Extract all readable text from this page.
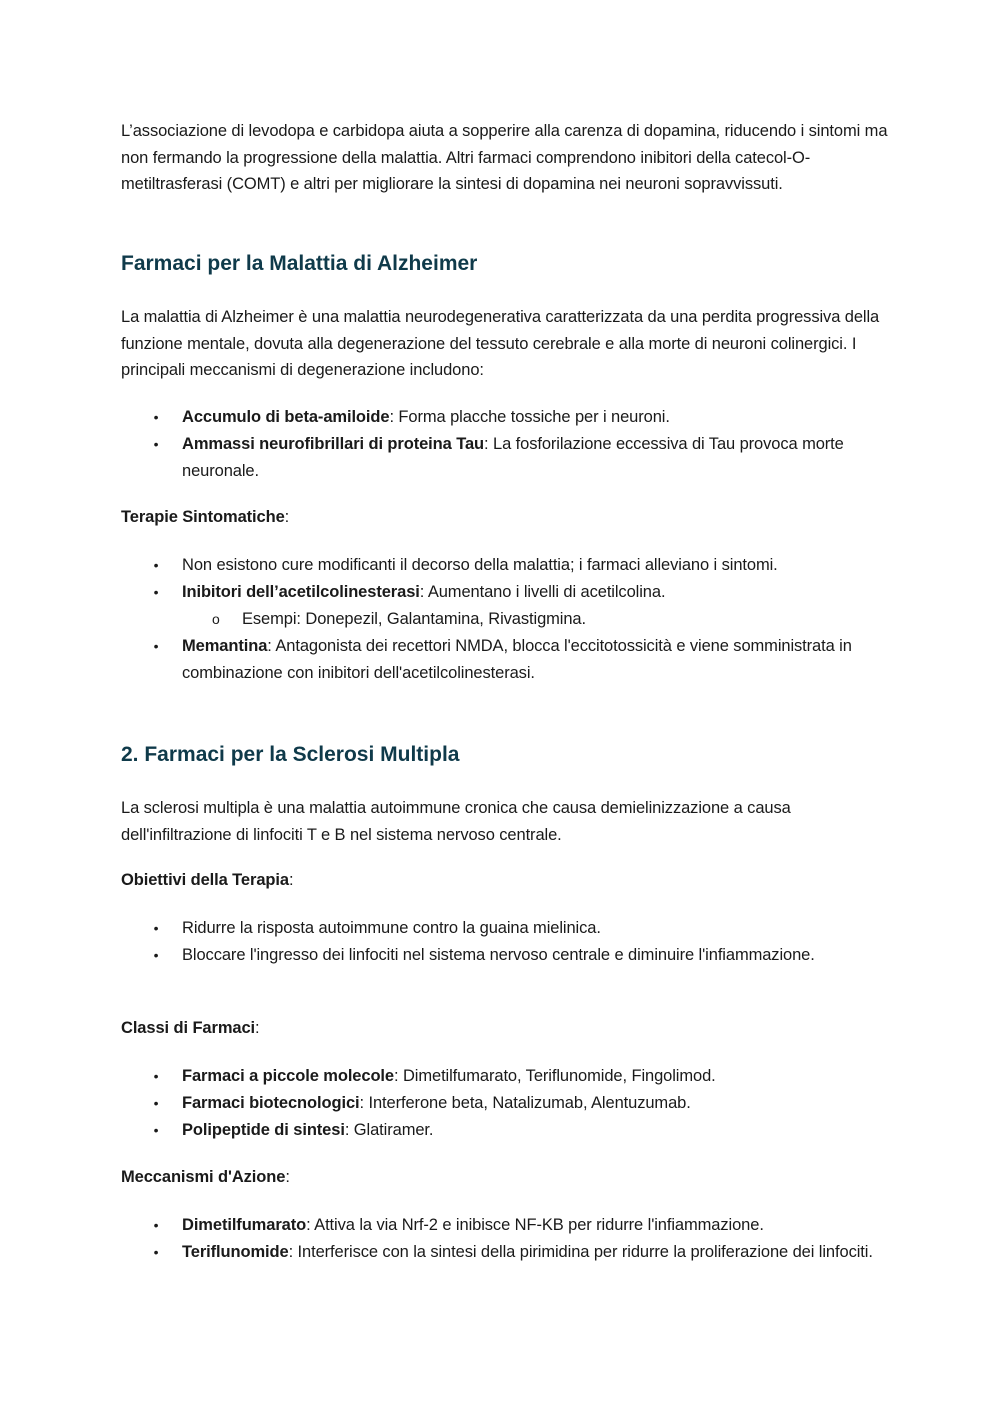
L’associazione di levodopa e carbidopa aiuta a sopperire alla carenza di dopamina, riducendo i sintomi ma non fermando la progressione della malattia. Altri farmaci comprendono inibitori della catecol-O-metiltrasferasi (COMT) e altri per migliorare la sintesi di dopamina nei neuroni sopravvissuti.

Farmaci per la Malattia di Alzheimer

La malattia di Alzheimer è una malattia neurodegenerativa caratterizzata da una perdita progressiva della funzione mentale, dovuta alla degenerazione del tessuto cerebrale e alla morte di neuroni colinergici. I principali meccanismi di degenerazione includono:

• Accumulo di beta-amiloide: Forma placche tossiche per i neuroni.
• Ammassi neurofibrillari di proteina Tau: La fosforilazione eccessiva di Tau provoca morte neuronale.

Terapie Sintomatiche:

• Non esistono cure modificanti il decorso della malattia; i farmaci alleviano i sintomi.
• Inibitori dell’acetilcolinesterasi: Aumentano i livelli di acetilcolina.
o Esempi: Donepezil, Galantamina, Rivastigmina.
• Memantina: Antagonista dei recettori NMDA, blocca l'eccitotossicità e viene somministrata in combinazione con inibitori dell'acetilcolinesterasi.
2. Farmaci per la Sclerosi Multipla

La sclerosi multipla è una malattia autoimmune cronica che causa demielinizzazione a causa dell'infiltrazione di linfociti T e B nel sistema nervoso centrale.

Obiettivi della Terapia:

• Ridurre la risposta autoimmune contro la guaina mielinica.
• Bloccare l'ingresso dei linfociti nel sistema nervoso centrale e diminuire l'infiammazione.

Classi di Farmaci:

• Farmaci a piccole molecole: Dimetilfumarato, Teriflunomide, Fingolimod.
• Farmaci biotecnologici: Interferone beta, Natalizumab, Alentuzumab.
• Polipeptide di sintesi: Glatiramer.

Meccanismi d'Azione:

• Dimetilfumarato: Attiva la via Nrf-2 e inibisce NF-KB per ridurre l'infiammazione.
• Teriflunomide: Interferisce con la sintesi della pirimidina per ridurre la proliferazione dei linfociti.
